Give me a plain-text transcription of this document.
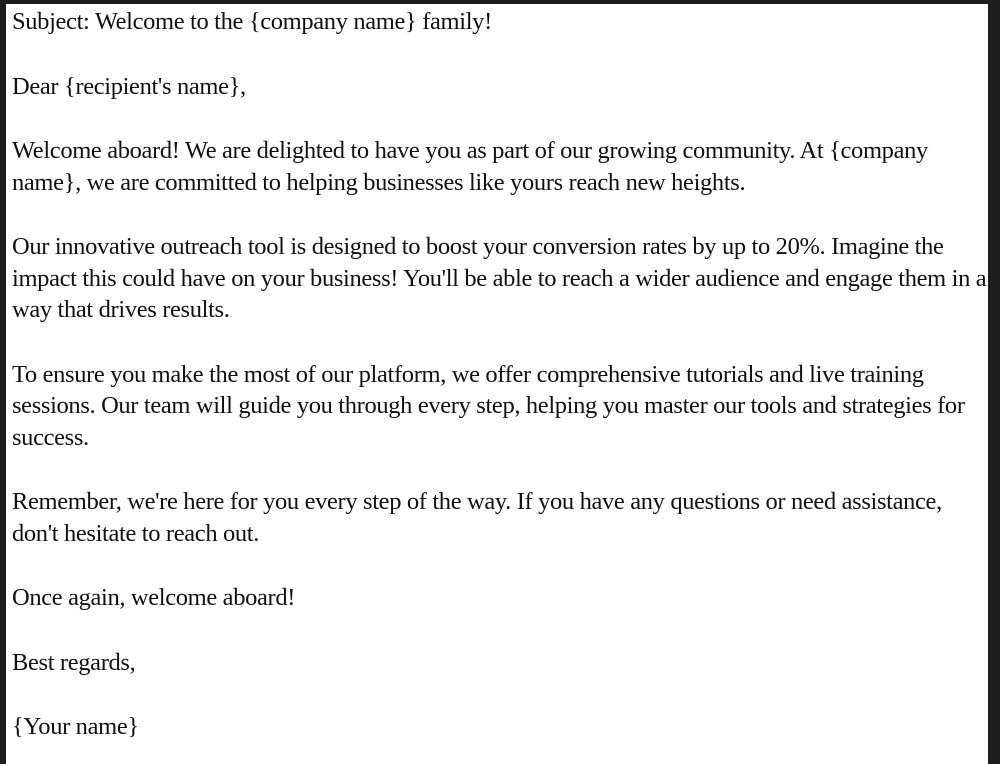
Subject: Welcome to the {company name} family!

Dear {recipient's name},

Welcome aboard! We are delighted to have you as part of our growing community. At {company name}, we are committed to helping businesses like yours reach new heights.

Our innovative outreach tool is designed to boost your conversion rates by up to 20%. Imagine the impact this could have on your business! You'll be able to reach a wider audience and engage them in a way that drives results.

To ensure you make the most of our platform, we offer comprehensive tutorials and live training sessions. Our team will guide you through every step, helping you master our tools and strategies for success.

Remember, we're here for you every step of the way. If you have any questions or need assistance, don't hesitate to reach out.

Once again, welcome aboard!

Best regards,

{Your name}
